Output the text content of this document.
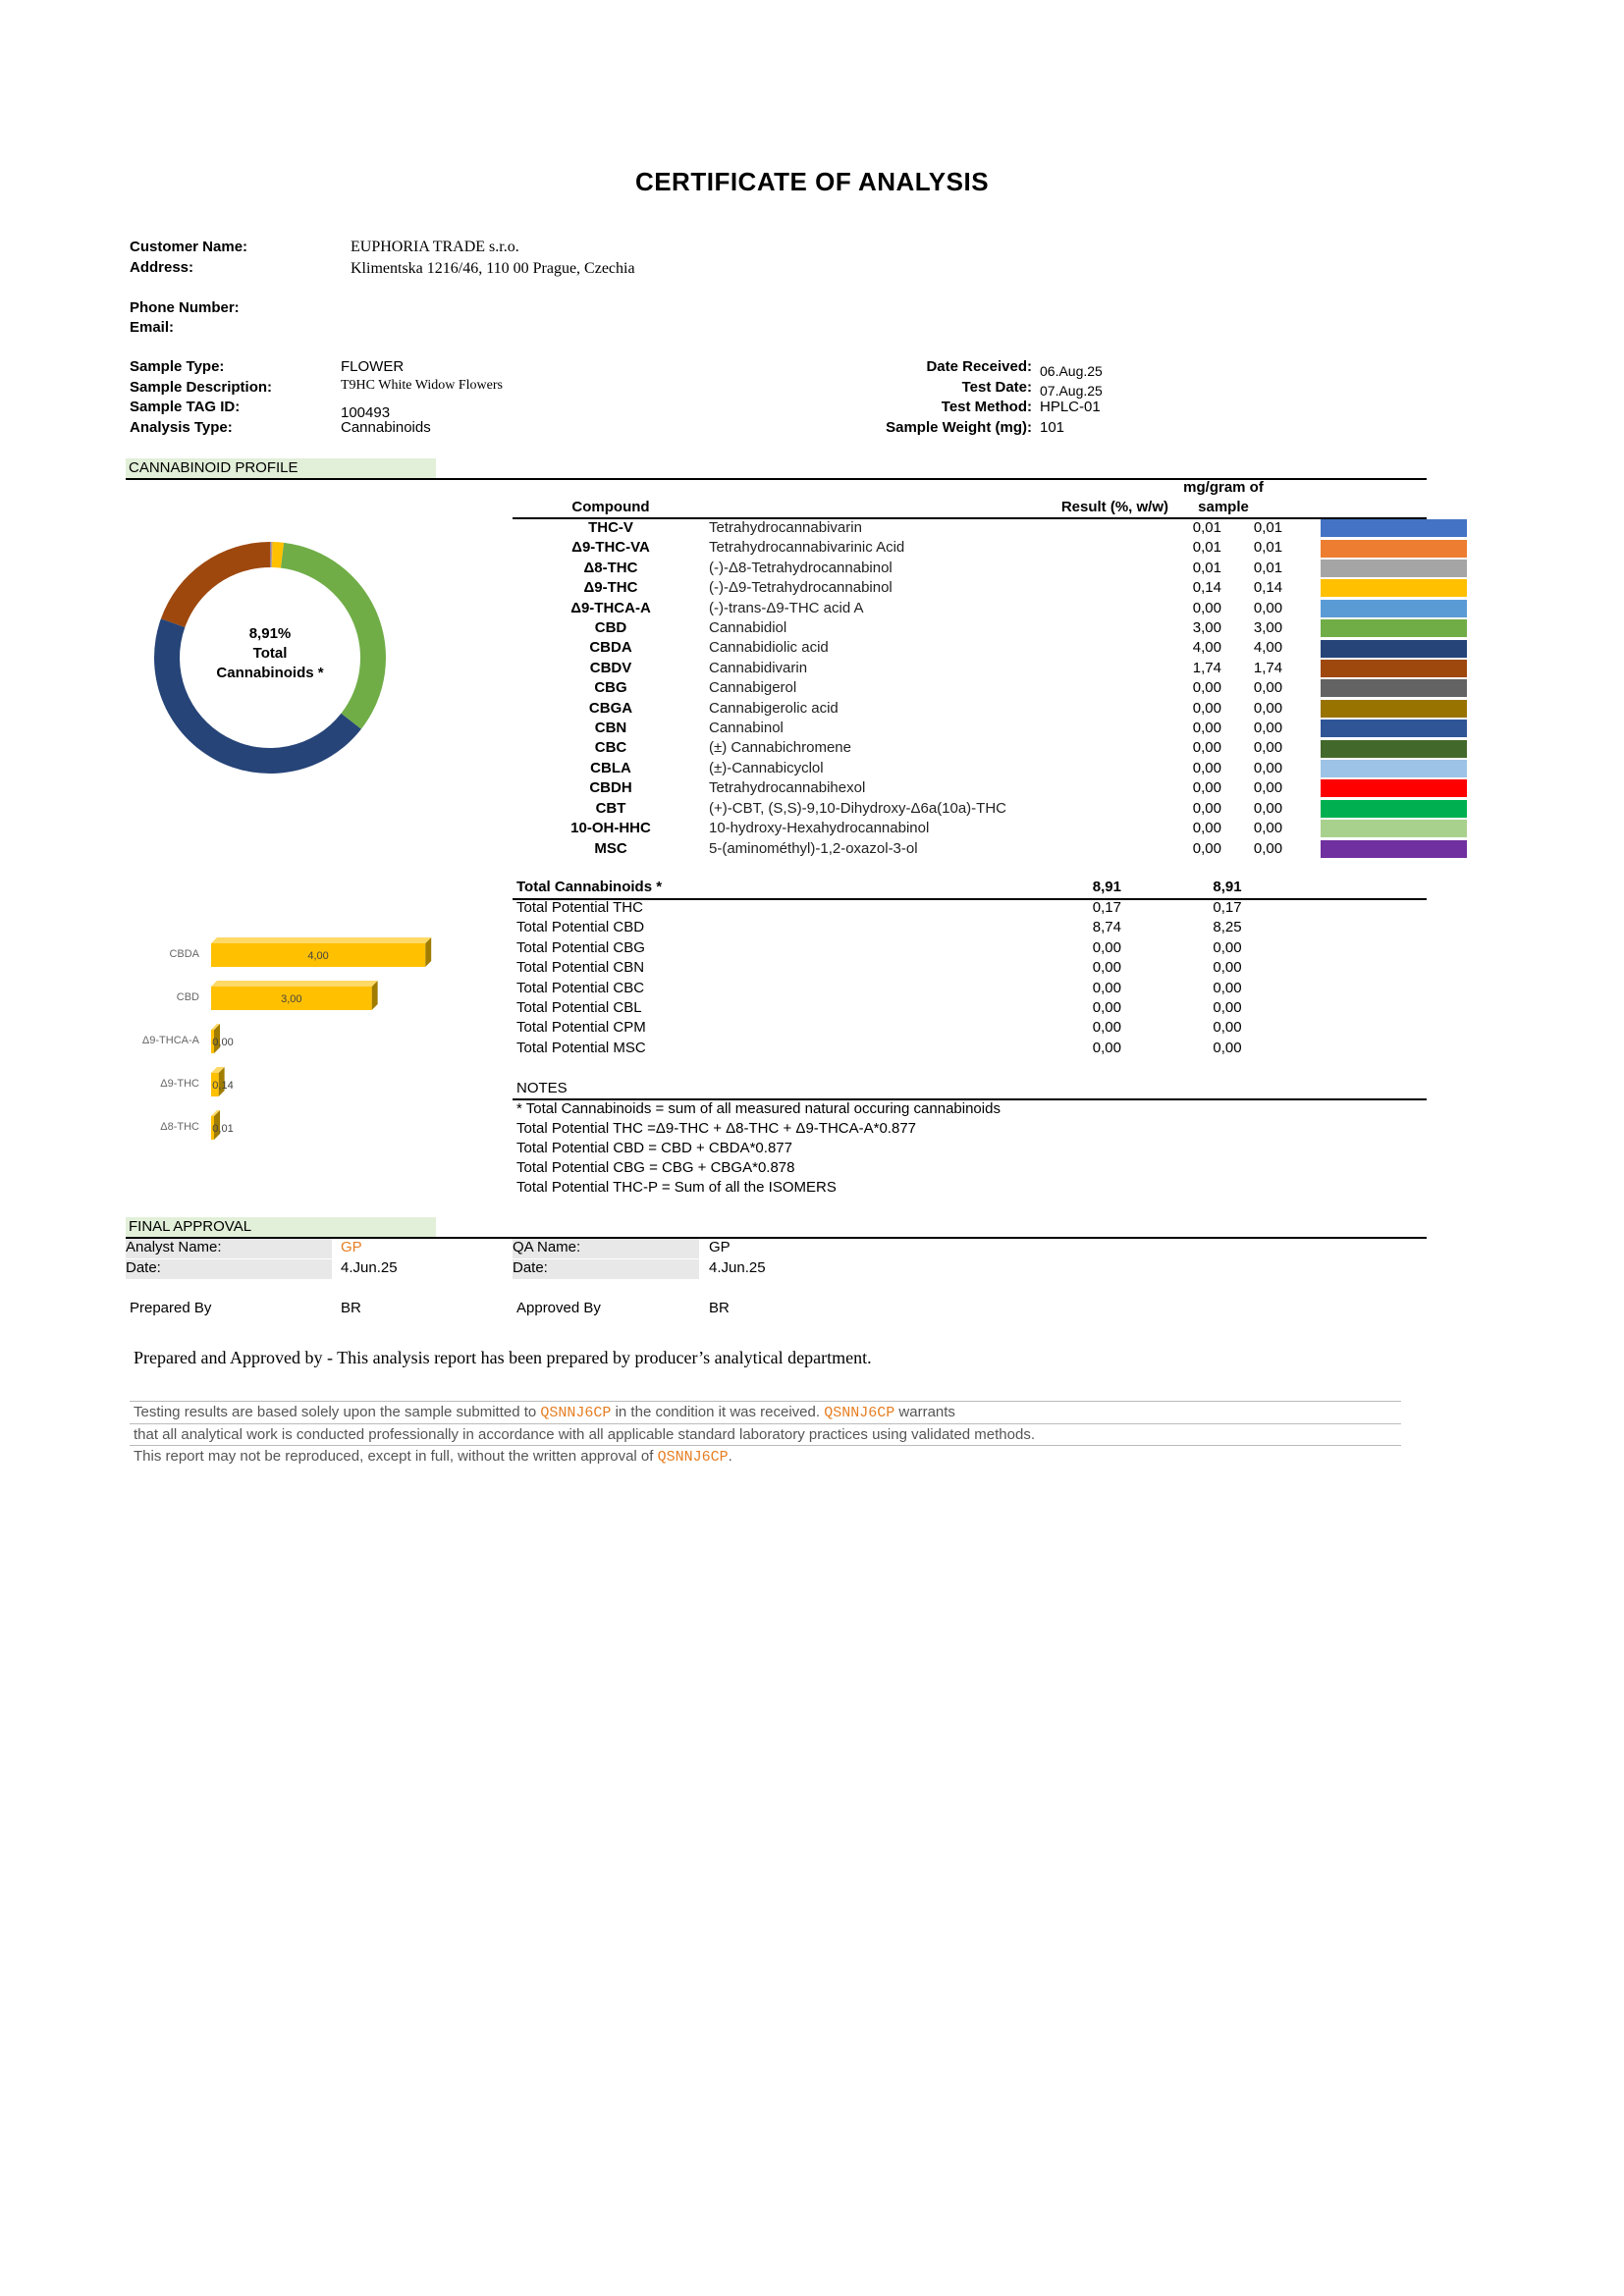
CERTIFICATE OF ANALYSIS
Customer Name:	EUPHORIA TRADE s.r.o.
Address:	Klimentska 1216/46, 110 00 Prague, Czechia
Phone Number:
Email:
Sample Type:	FLOWER
Sample Description:	T9HC White Widow Flowers
Sample TAG ID:	100493
Analysis Type:	Cannabinoids
Date Received: 06.Aug.25
Test Date: 07.Aug.25
Test Method: HPLC-01
Sample Weight (mg): 101
CANNABINOID PROFILE
mg/gram of
Compound	Result (%, w/w)	sample
THC-V	Tetrahydrocannabivarin	0,01	0,01	

Δ9-THC-VA	Tetrahydrocannabivarinic Acid	0,01	0,01	

Δ8-THC	(-)-Δ8-Tetrahydrocannabinol	0,01	0,01	

Δ9-THC	(-)-Δ9-Tetrahydrocannabinol	0,14	0,14	

Δ9-THCA-A	(-)-trans-Δ9-THC acid A	0,00	0,00	

CBD	Cannabidiol	3,00	3,00	

CBDA	Cannabidiolic acid	4,00	4,00	

CBDV	Cannabidivarin	1,74	1,74	

CBG	Cannabigerol	0,00	0,00	

CBGA	Cannabigerolic acid	0,00	0,00	

CBN	Cannabinol	0,00	0,00	

CBC	(±) Cannabichromene	0,00	0,00	

CBLA	(±)-Cannabicyclol	0,00	0,00	

CBDH	Tetrahydrocannabihexol	0,00	0,00	

CBT	(+)-CBT, (S,S)-9,10-Dihydroxy-Δ6a(10a)-THC	0,00	0,00	

10-OH-HHC	10-hydroxy-Hexahydrocannabinol	0,00	0,00	

MSC	5-(aminométhyl)-1,2-oxazol-3-ol	0,00	0,00	
Total Cannabinoids *	8,91	8,91
Total Potential THC	0,17	0,17
Total Potential CBD	8,74	8,25
Total Potential CBG	0,00	0,00
Total Potential CBN	0,00	0,00
Total Potential CBC	0,00	0,00
Total Potential CBL	0,00	0,00
Total Potential CPM	0,00	0,00
Total Potential MSC	0,00	0,00
NOTES
* Total Cannabinoids = sum of all measured natural occuring cannabinoids
Total Potential THC =Δ9-THC + Δ8-THC + Δ9-THCA-A*0.877
Total Potential CBD = CBD + CBDA*0.877
Total Potential CBG = CBG + CBGA*0.878
Total Potential THC-P = Sum of all the ISOMERS
8,91%
Total
Cannabinoids *
CBDA	4,00
CBD	3,00
Δ9-THCA-A 0,00
Δ9-THC 0,14
Δ8-THC 0,01
FINAL APPROVAL
Analyst Name:	GP	QA Name:	GP
Date:	4.Jun.25	Date:	4.Jun.25
Prepared By	BR	Approved By	BR
Prepared and Approved by - This analysis report has been prepared by producer’s analytical department.
Testing results are based solely upon the sample submitted to QSNNJ6CP in the condition it was received. QSNNJ6CP warrants
that all analytical work is conducted professionally in accordance with all applicable standard laboratory practices using validated methods.
This report may not be reproduced, except in full, without the written approval of QSNNJ6CP.
